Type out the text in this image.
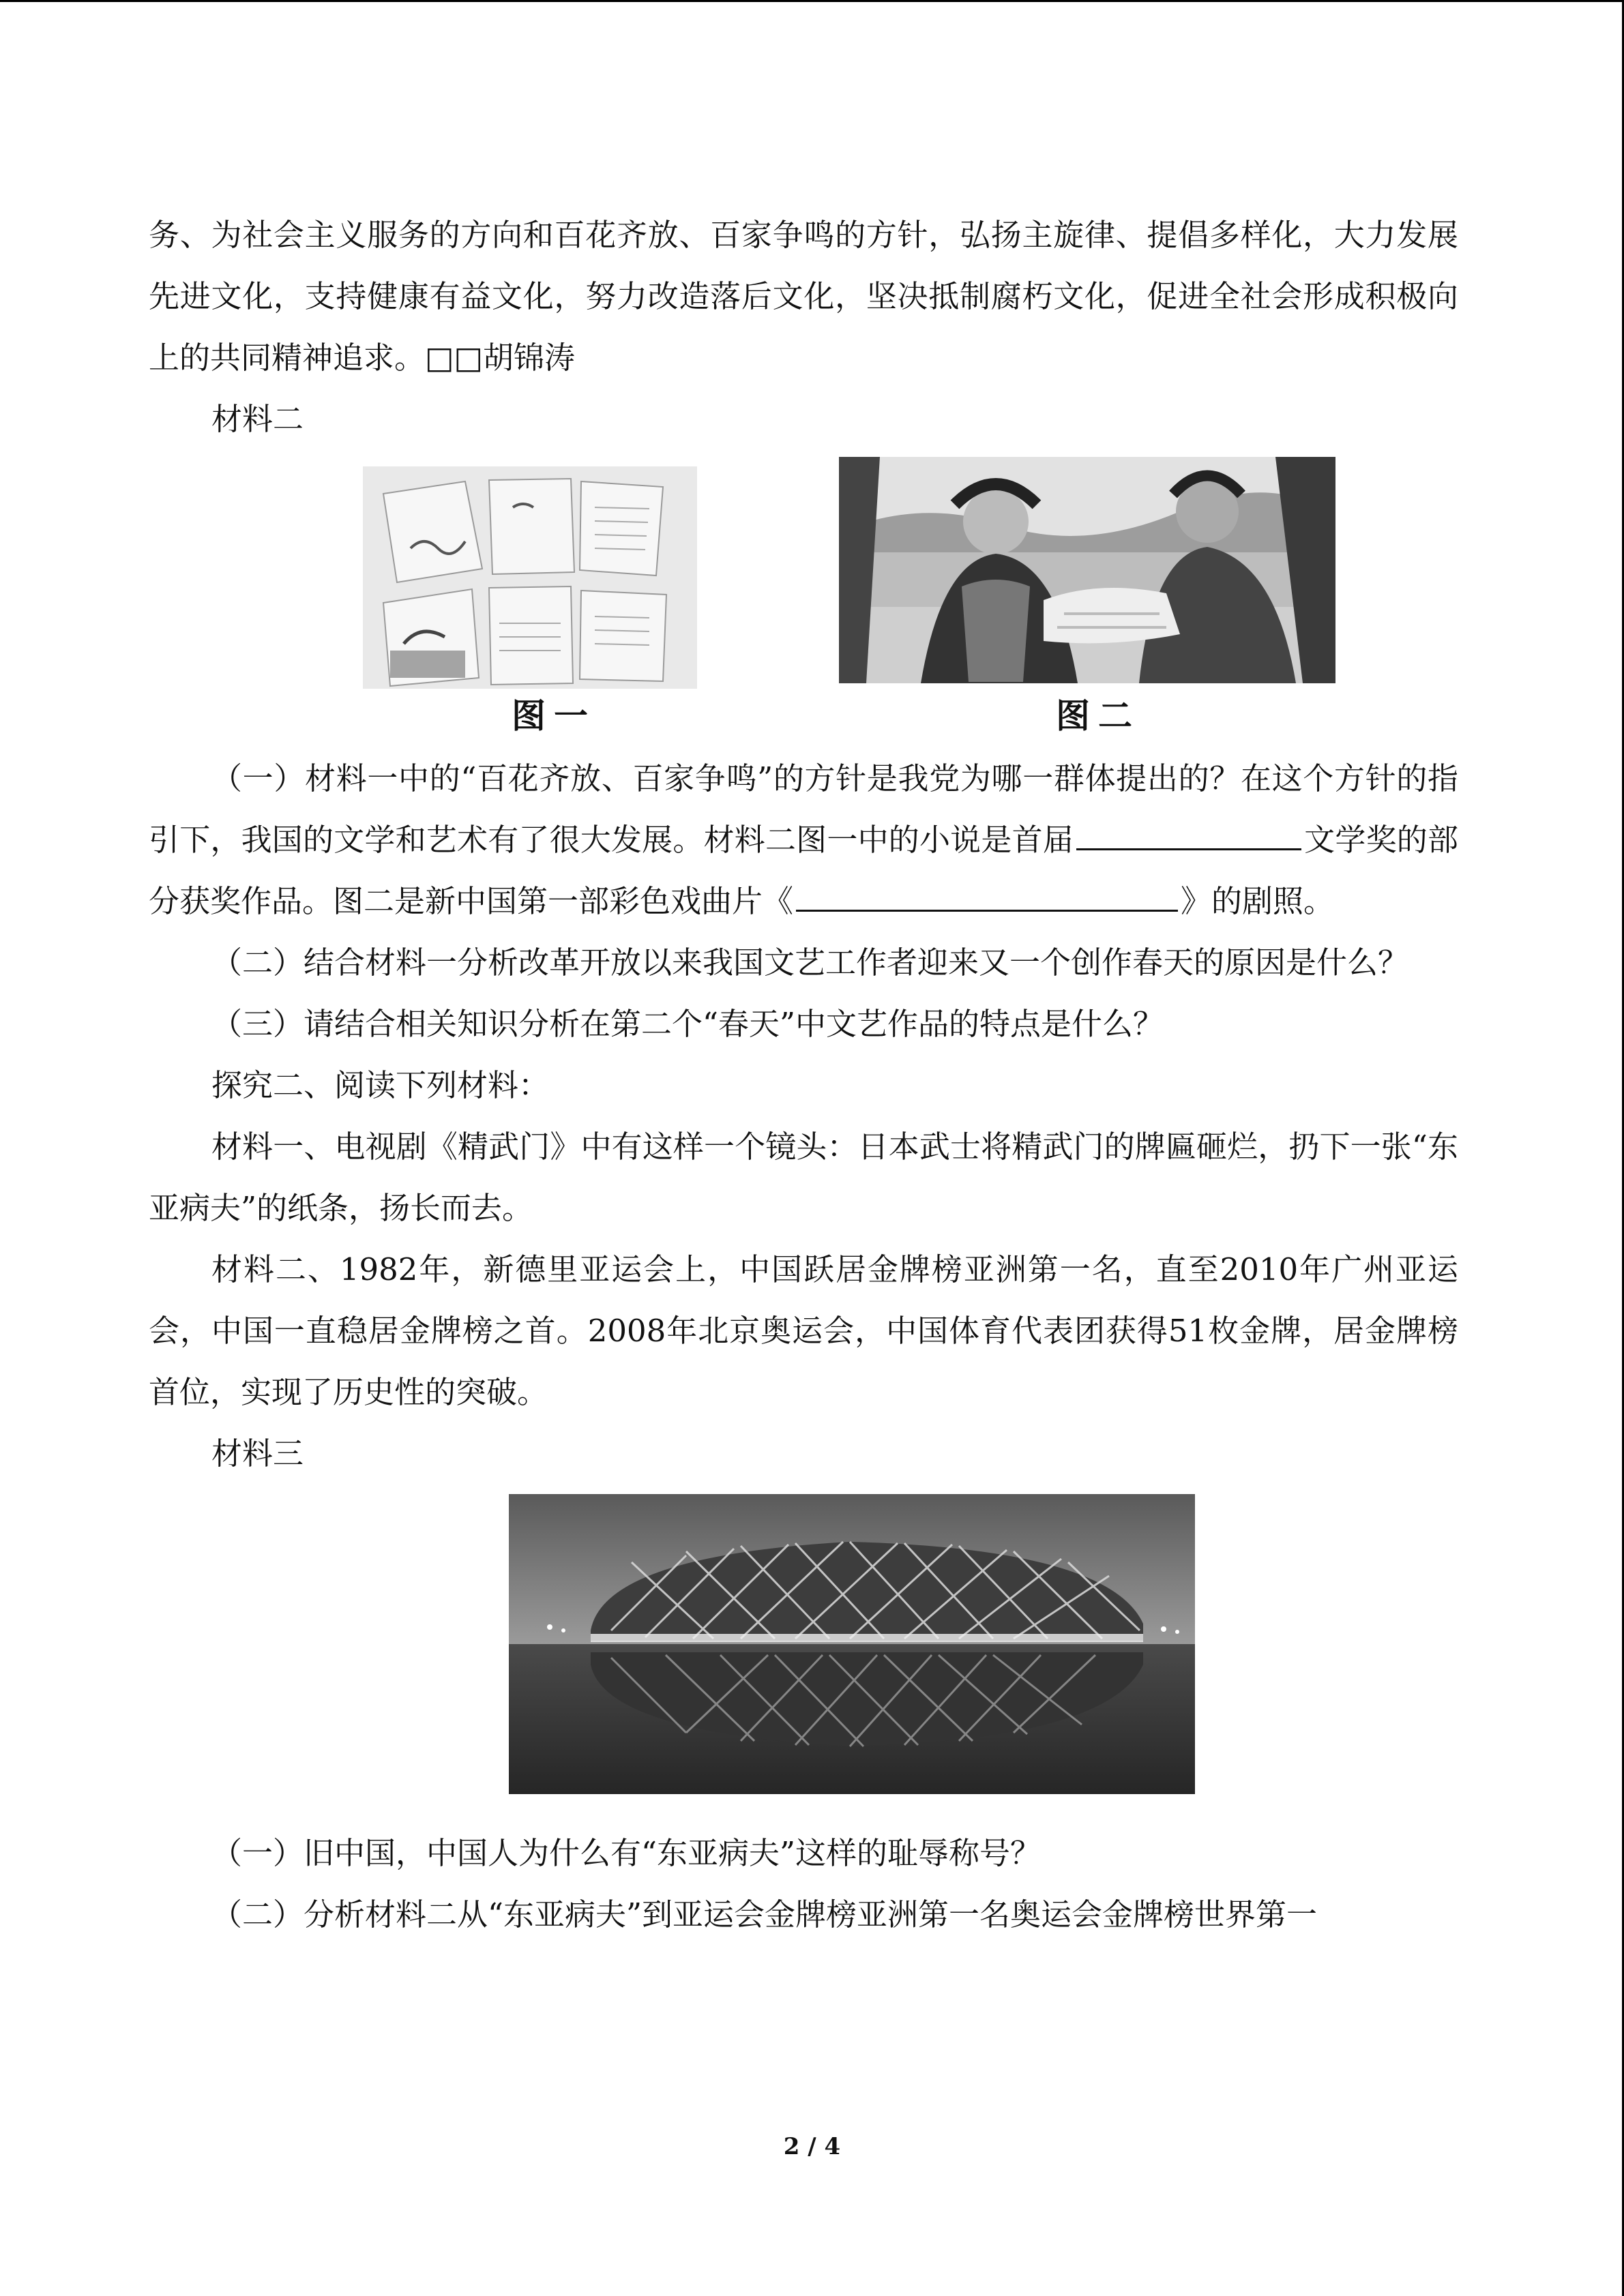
务、为社会主义服务的方向和百花齐放、百家争鸣的方针，弘扬主旋律、提倡多样化，大力发展先进文化，支持健康有益文化，努力改造落后文化，坚决抵制腐朽文化，促进全社会形成积极向上的共同精神追求。□□胡锦涛

材料二

图一	图二

（一）材料一中的“百花齐放、百家争鸣”的方针是我党为哪一群体提出的？在这个方针的指引下，我国的文学和艺术有了很大发展。材料二图一中的小说是首届	文学奖的部分获奖作品。图二是新中国第一部彩色戏曲片《	》的剧照。

（二）结合材料一分析改革开放以来我国文艺工作者迎来又一个创作春天的原因是什么？

（三）请结合相关知识分析在第二个“春天”中文艺作品的特点是什么？

探究二、阅读下列材料：

材料一、电视剧《精武门》中有这样一个镜头：日本武士将精武门的牌匾砸烂，扔下一张“东亚病夫”的纸条，扬长而去。

材料二、1982年，新德里亚运会上，中国跃居金牌榜亚洲第一名，直至2010年广州亚运会，中国一直稳居金牌榜之首。2008年北京奥运会，中国体育代表团获得51枚金牌，居金牌榜首位，实现了历史性的突破。

材料三

（一）旧中国，中国人为什么有“东亚病夫”这样的耻辱称号？

（二）分析材料二从“东亚病夫”到亚运会金牌榜亚洲第一名奥运会金牌榜世界第一

2 / 4
